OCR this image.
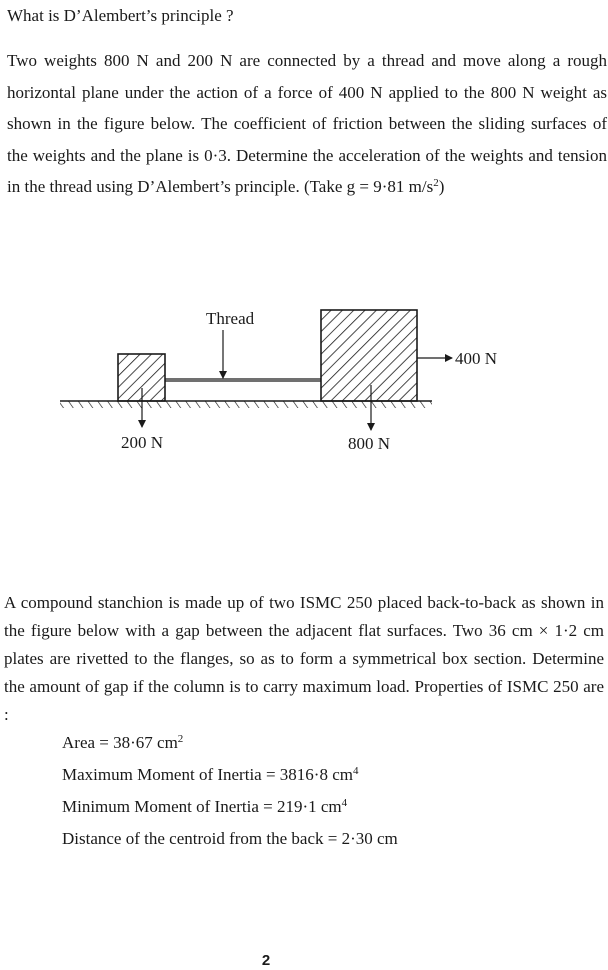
What is D’Alembert’s principle ?

Two weights 800 N and 200 N are connected by a thread and move along a rough horizontal plane under the action of a force of 400 N applied to the 800 N weight as shown in the figure below. The coefficient of friction between the sliding surfaces of the weights and the plane is 0·3. Determine the acceleration of the weights and tension in the thread using D’Alembert’s principle. (Take g = 9·81 $m/s^2$)

Thread
400 N
200 N	800 N

A compound stanchion is made up of two ISMC 250 placed back-to-back as shown in the figure below with a gap between the adjacent flat surfaces. Two 36 cm × 1·2 cm plates are rivetted to the flanges, so as to form a symmetrical box section. Determine the amount of gap if the column is to carry maximum load. Properties of ISMC 250 are :

Area = 38·67 $cm^2$
Maximum Moment of Inertia = 3816·8 $cm^4$
Minimum Moment of Inertia = 219·1 $cm^4$
Distance of the centroid from the back = 2·30 cm
2
